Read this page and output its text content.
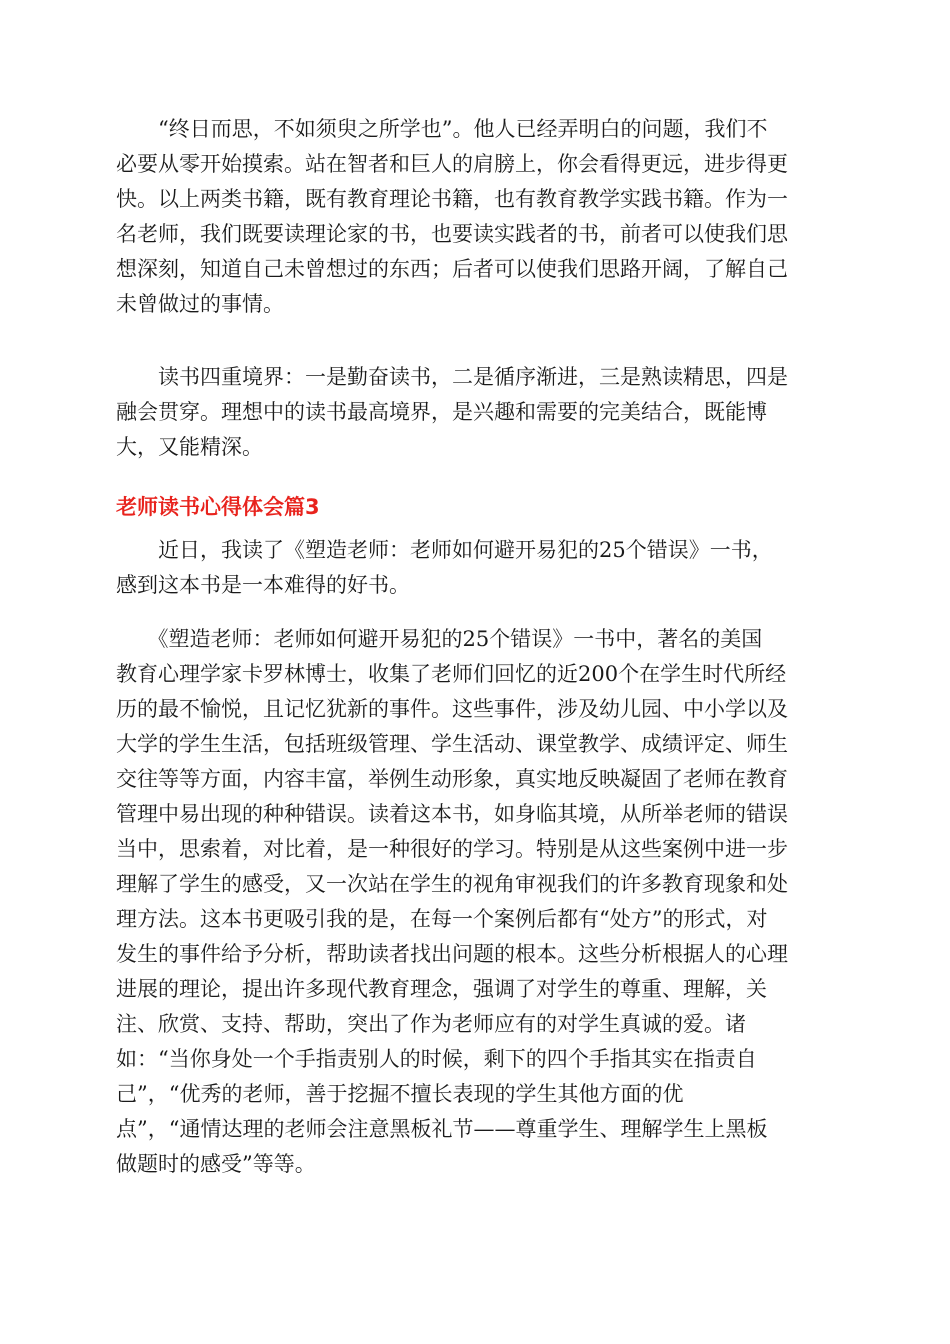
　　“终日而思，不如须臾之所学也”。他人已经弄明白的问题，我们不
必要从零开始摸索。站在智者和巨人的肩膀上，你会看得更远，进步得更
快。以上两类书籍，既有教育理论书籍，也有教育教学实践书籍。作为一
名老师，我们既要读理论家的书，也要读实践者的书，前者可以使我们思
想深刻，知道自己未曾想过的东西；后者可以使我们思路开阔，了解自己
未曾做过的事情。
　　读书四重境界：一是勤奋读书，二是循序渐进，三是熟读精思，四是
融会贯穿。理想中的读书最高境界，是兴趣和需要的完美结合，既能博
大，又能精深。
老师读书心得体会篇3
　　近日，我读了《塑造老师：老师如何避开易犯的25个错误》一书，
感到这本书是一本难得的好书。
　　《塑造老师：老师如何避开易犯的25个错误》一书中，著名的美国
教育心理学家卡罗林博士，收集了老师们回忆的近200个在学生时代所经
历的最不愉悦，且记忆犹新的事件。这些事件，涉及幼儿园、中小学以及
大学的学生生活，包括班级管理、学生活动、课堂教学、成绩评定、师生
交往等等方面，内容丰富，举例生动形象，真实地反映凝固了老师在教育
管理中易出现的种种错误。读着这本书，如身临其境，从所举老师的错误
当中，思索着，对比着，是一种很好的学习。特别是从这些案例中进一步
理解了学生的感受，又一次站在学生的视角审视我们的许多教育现象和处
理方法。这本书更吸引我的是，在每一个案例后都有“处方”的形式，对
发生的事件给予分析，帮助读者找出问题的根本。这些分析根据人的心理
进展的理论，提出许多现代教育理念，强调了对学生的尊重、理解，关
注、欣赏、支持、帮助，突出了作为老师应有的对学生真诚的爱。诸
如：“当你身处一个手指责别人的时候，剩下的四个手指其实在指责自
己”，“优秀的老师，善于挖掘不擅长表现的学生其他方面的优
点”，“通情达理的老师会注意黑板礼节——尊重学生、理解学生上黑板
做题时的感受”等等。
